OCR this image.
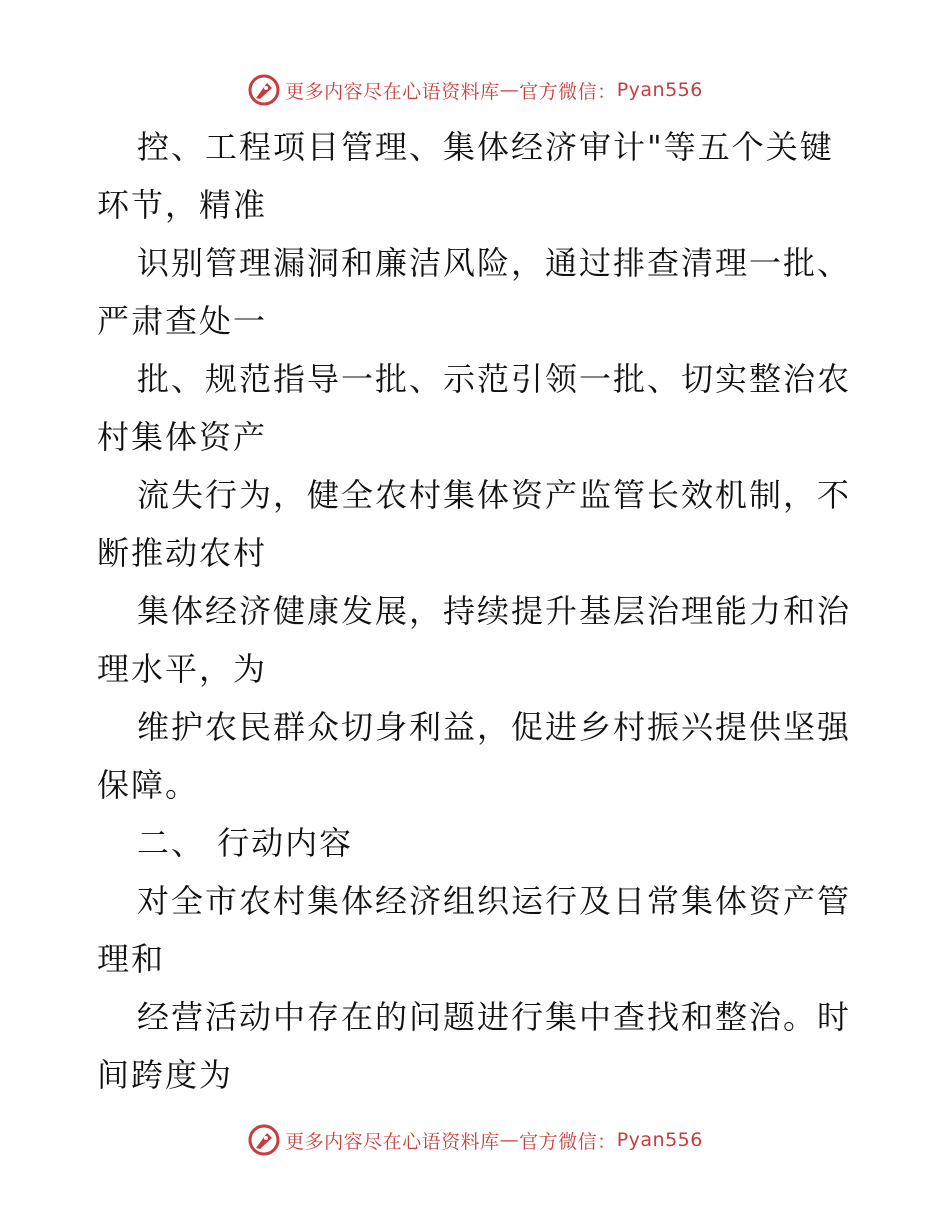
更多内容尽在心语资料库 — 官方微信： Pyan556

控、工程项目管理、集体经济审计"等五个关键

环节，精准

识别管理漏洞和廉洁风险，通过排查清理一批、

严肃查处一

批、规范指导一批、示范引领一批、切实整治农

村集体资产

流失行为，健全农村集体资产监管长效机制，不

断推动农村

集体经济健康发展，持续提升基层治理能力和治

理水平，为

维护农民群众切身利益，促进乡村振兴提供坚强

保障。

二、 行动内容

对全市农村集体经济组织运行及日常集体资产管

理和

经营活动中存在的问题进行集中查找和整治。时

间跨度为

更多内容尽在心语资料库 — 官方微信： Pyan556
